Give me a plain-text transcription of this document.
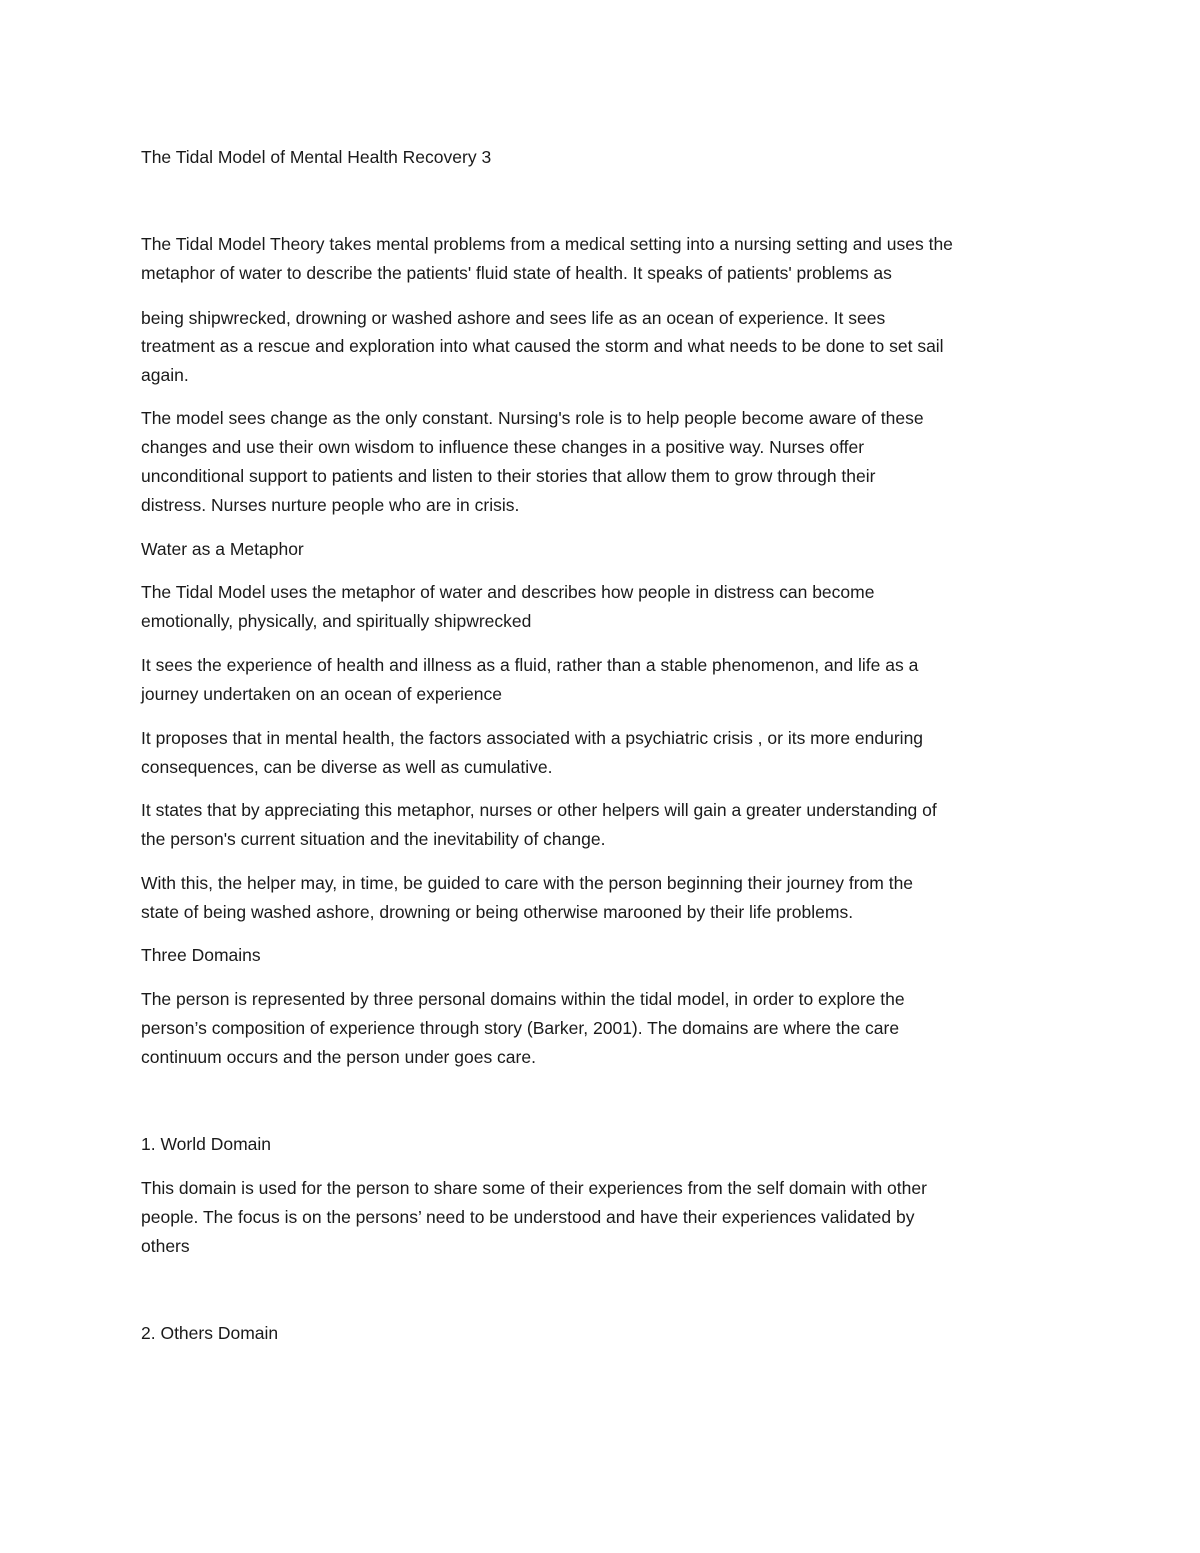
The Tidal Model of Mental Health Recovery 3
The Tidal Model Theory takes mental problems from a medical setting into a nursing setting and uses the
metaphor of water to describe the patients' fluid state of health. It speaks of patients' problems as
being shipwrecked, drowning or washed ashore and sees life as an ocean of experience. It sees
treatment as a rescue and exploration into what caused the storm and what needs to be done to set sail
again.
The model sees change as the only constant. Nursing's role is to help people become aware of these
changes and use their own wisdom to influence these changes in a positive way. Nurses offer
unconditional support to patients and listen to their stories that allow them to grow through their
distress. Nurses nurture people who are in crisis.
Water as a Metaphor
The Tidal Model uses the metaphor of water and describes how people in distress can become
emotionally, physically, and spiritually shipwrecked
It sees the experience of health and illness as a fluid, rather than a stable phenomenon, and life as a
journey undertaken on an ocean of experience
It proposes that in mental health, the factors associated with a psychiatric crisis , or its more enduring
consequences, can be diverse as well as cumulative.
It states that by appreciating this metaphor, nurses or other helpers will gain a greater understanding of
the person's current situation and the inevitability of change.
With this, the helper may, in time, be guided to care with the person beginning their journey from the
state of being washed ashore, drowning or being otherwise marooned by their life problems.
Three Domains
The person is represented by three personal domains within the tidal model, in order to explore the
person’s composition of experience through story (Barker, 2001). The domains are where the care
continuum occurs and the person under goes care.
1. World Domain
This domain is used for the person to share some of their experiences from the self domain with other
people. The focus is on the persons’ need to be understood and have their experiences validated by
others
2. Others Domain
